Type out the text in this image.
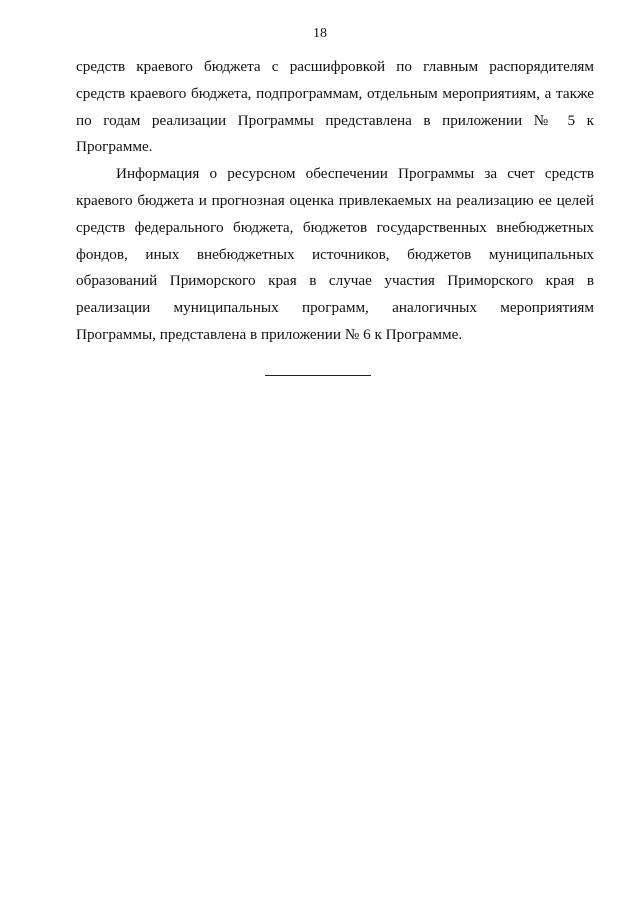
18

средств краевого бюджета с расшифровкой по главным распорядителям
средств краевого бюджета, подпрограммам, отдельным мероприятиям, а также
по годам реализации Программы представлена в приложении № 5 к
Программе.

Информация о ресурсном обеспечении Программы за счет средств
краевого бюджета и прогнозная оценка привлекаемых на реализацию ее целей
средств федерального бюджета, бюджетов государственных внебюджетных
фондов, иных внебюджетных источников, бюджетов муниципальных
образований Приморского края в случае участия Приморского края в
реализации муниципальных программ, аналогичных мероприятиям
Программы, представлена в приложении № 6 к Программе.
